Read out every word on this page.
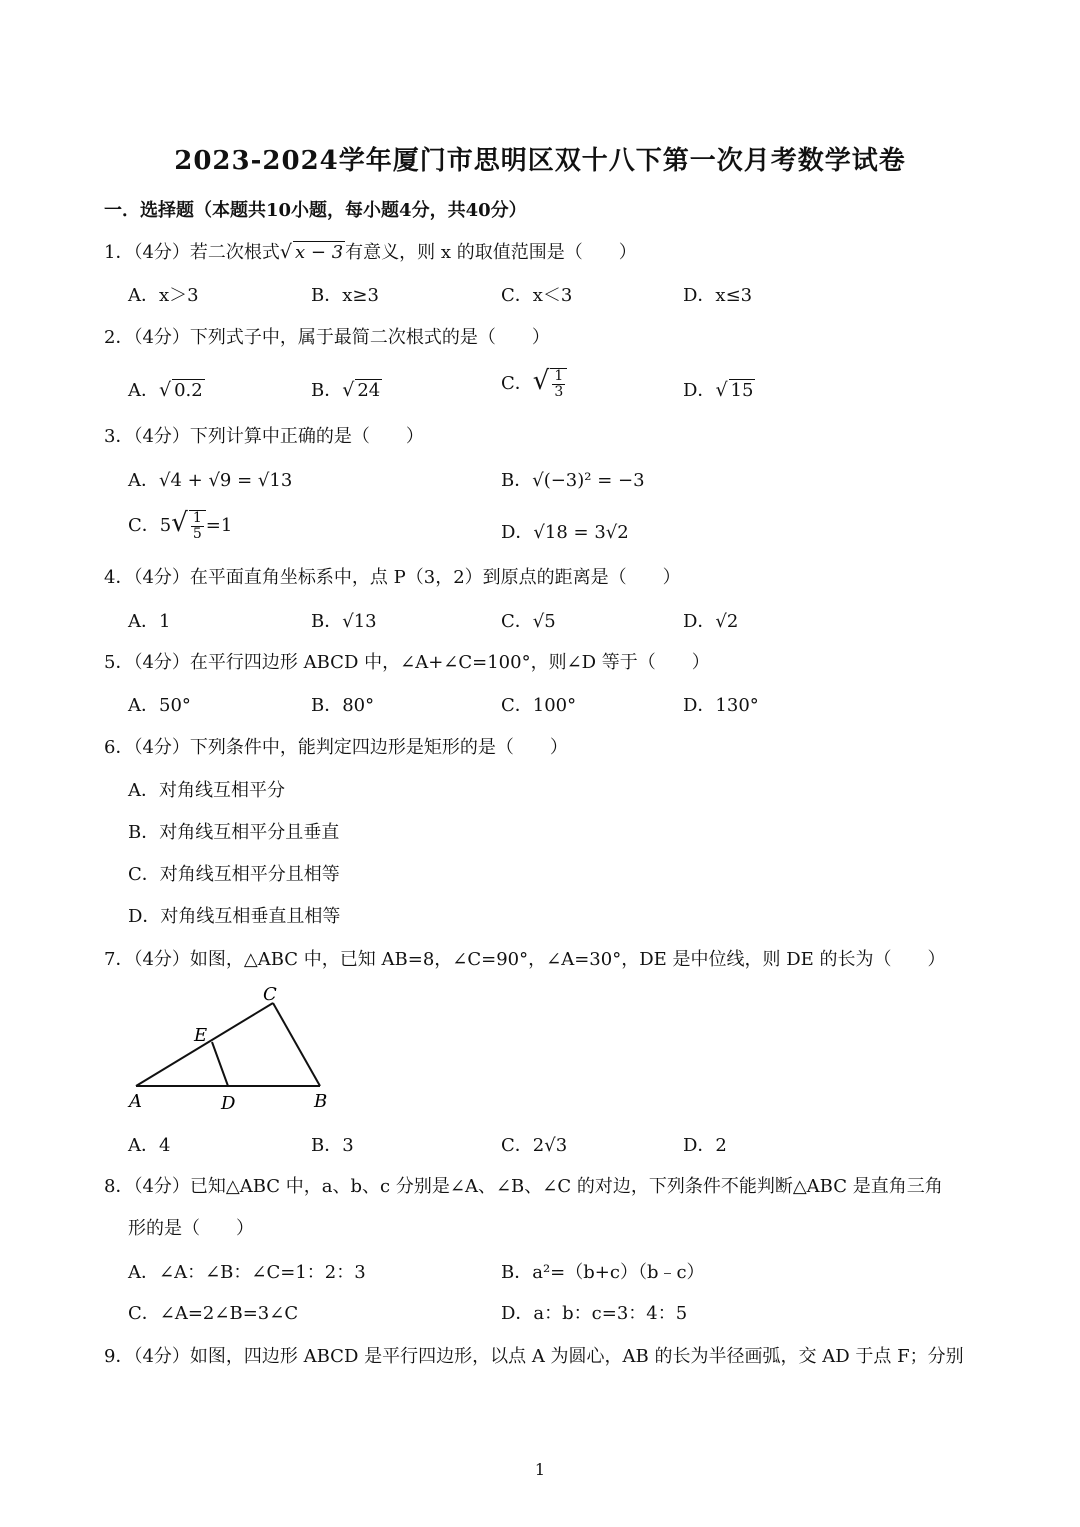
2023-2024学年厦门市思明区双十八下第一次月考数学试卷
一．选择题（本题共10小题，每小题4分，共40分）
1．（4分）若二次根式√ x − 3 有意义，则 x 的取值范围是（　　）
A．x＞3	B．x≥3	C．x＜3	D．x≤3
2．（4分）下列式子中，属于最简二次根式的是（　　）
A．√ 0.2	B．√ 24	C．√ $\frac{1}{3}$	D．√ 15
3．（4分）下列计算中正确的是（　　）
A．√4 + √9 = √13	B．√(−3)² = −3
C．$5√ \frac{1}{5} =1$	D．√18 = 3√2
4．（4分）在平面直角坐标系中，点 P（3，2）到原点的距离是（　　）
A．1	B．√13	C．√5	D．√2
5．（4分）在平行四边形 ABCD 中，∠A+∠C=100°，则∠D 等于（　　）
A．50°	B．80°	C．100°	D．130°
6．（4分）下列条件中，能判定四边形是矩形的是（　　）
A．对角线互相平分
B．对角线互相平分且垂直
C．对角线互相平分且相等
D．对角线互相垂直且相等
7．（4分）如图，△ABC 中，已知 AB=8，∠C=90°，∠A=30°，DE 是中位线，则 DE 的长为（　　）
C
E
A	D	B
A．4	B．3	C．2√3	D．2
8．（4分）已知△ABC 中，a、b、c 分别是∠A、∠B、∠C 的对边，下列条件不能判断△ABC 是直角三角
形的是（　　）
A．∠A：∠B：∠C=1：2：3	B．a²=（b+c）（b﹣c）
C．∠A=2∠B=3∠C	D．a：b：c=3：4：5
9．（4分）如图，四边形 ABCD 是平行四边形，以点 A 为圆心，AB 的长为半径画弧，交 AD 于点 F；分别
1
